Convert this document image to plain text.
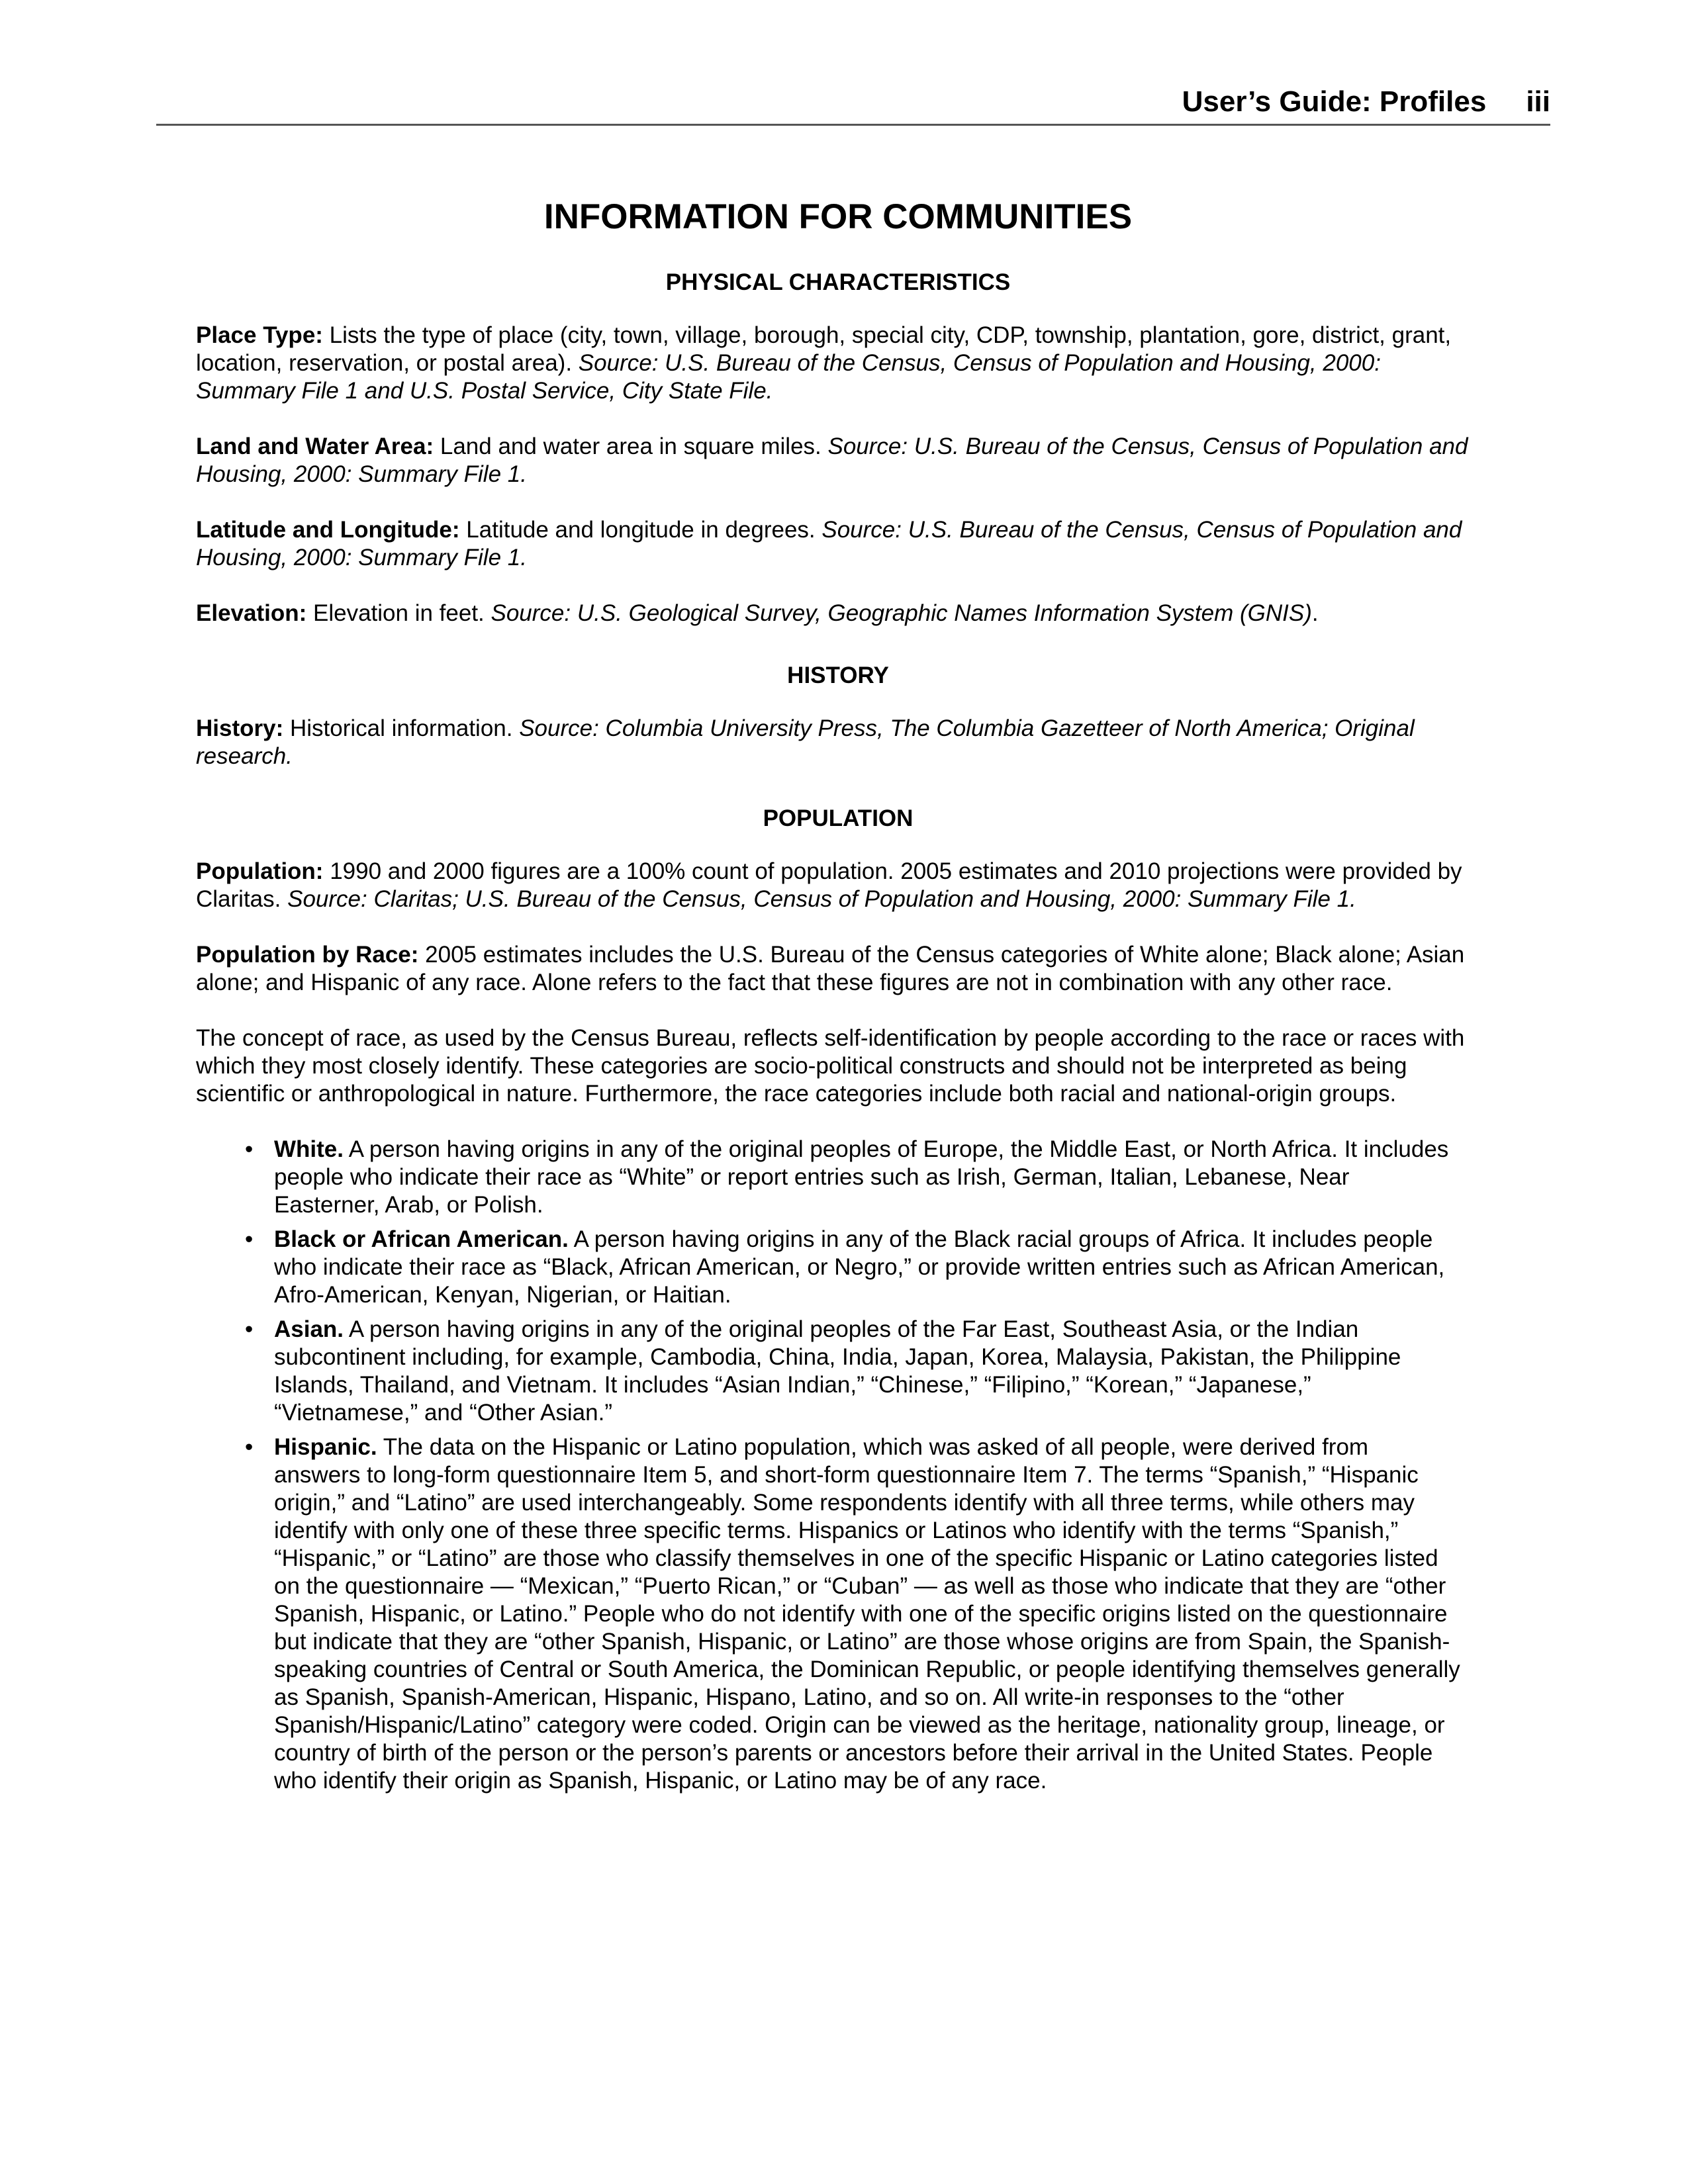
User’s Guide: Profiles iii
INFORMATION FOR COMMUNITIES
PHYSICAL CHARACTERISTICS

Place Type: Lists the type of place (city, town, village, borough, special city, CDP, township, plantation, gore, district, grant, location, reservation, or postal area). Source: U.S. Bureau of the Census, Census of Population and Housing, 2000: Summary File 1 and U.S. Postal Service, City State File.

Land and Water Area: Land and water area in square miles. Source: U.S. Bureau of the Census, Census of Population and Housing, 2000: Summary File 1.

Latitude and Longitude: Latitude and longitude in degrees. Source: U.S. Bureau of the Census, Census of Population and Housing, 2000: Summary File 1.

Elevation: Elevation in feet. Source: U.S. Geological Survey, Geographic Names Information System (GNIS).

HISTORY

History: Historical information. Source: Columbia University Press, The Columbia Gazetteer of North America; Original research.

POPULATION

Population: 1990 and 2000 figures are a 100% count of population. 2005 estimates and 2010 projections were provided by Claritas. Source: Claritas; U.S. Bureau of the Census, Census of Population and Housing, 2000: Summary File 1.

Population by Race: 2005 estimates includes the U.S. Bureau of the Census categories of White alone; Black alone; Asian alone; and Hispanic of any race. Alone refers to the fact that these figures are not in combination with any other race.

The concept of race, as used by the Census Bureau, reflects self-identification by people according to the race or races with which they most closely identify. These categories are socio-political constructs and should not be interpreted as being scientific or anthropological in nature. Furthermore, the race categories include both racial and national-origin groups.

• White. A person having origins in any of the original peoples of Europe, the Middle East, or North Africa. It includes people who indicate their race as “White” or report entries such as Irish, German, Italian, Lebanese, Near Easterner, Arab, or Polish.
• Black or African American. A person having origins in any of the Black racial groups of Africa. It includes people who indicate their race as “Black, African American, or Negro,” or provide written entries such as African American, Afro-American, Kenyan, Nigerian, or Haitian.
• Asian. A person having origins in any of the original peoples of the Far East, Southeast Asia, or the Indian subcontinent including, for example, Cambodia, China, India, Japan, Korea, Malaysia, Pakistan, the Philippine Islands, Thailand, and Vietnam. It includes “Asian Indian,” “Chinese,” “Filipino,” “Korean,” “Japanese,” “Vietnamese,” and “Other Asian.”
• Hispanic. The data on the Hispanic or Latino population, which was asked of all people, were derived from answers to long-form questionnaire Item 5, and short-form questionnaire Item 7. The terms “Spanish,” “Hispanic origin,” and “Latino” are used interchangeably. Some respondents identify with all three terms, while others may identify with only one of these three specific terms. Hispanics or Latinos who identify with the terms “Spanish,” “Hispanic,” or “Latino” are those who classify themselves in one of the specific Hispanic or Latino categories listed on the questionnaire — “Mexican,” “Puerto Rican,” or “Cuban” — as well as those who indicate that they are “other Spanish, Hispanic, or Latino.” People who do not identify with one of the specific origins listed on the questionnaire but indicate that they are “other Spanish, Hispanic, or Latino” are those whose origins are from Spain, the Spanish-speaking countries of Central or South America, the Dominican Republic, or people identifying themselves generally as Spanish, Spanish-American, Hispanic, Hispano, Latino, and so on. All write-in responses to the “other Spanish/Hispanic/Latino” category were coded. Origin can be viewed as the heritage, nationality group, lineage, or country of birth of the person or the person’s parents or ancestors before their arrival in the United States. People who identify their origin as Spanish, Hispanic, or Latino may be of any race.
